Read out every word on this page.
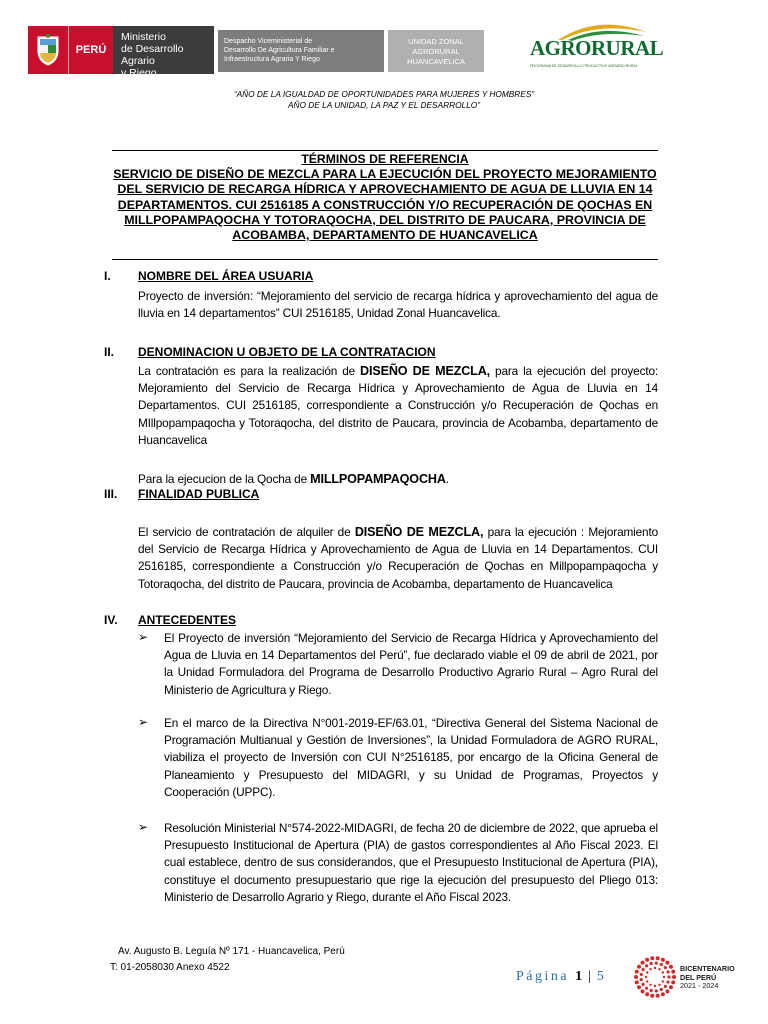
PERÚ
Ministerio
de Desarrollo Agrario
y Riego
Despacho Viceministerial de
Desarrollo De Agricultura Familiar e
Infraestructura Agraria Y Riego
UNIDAD ZONAL
AGRORURAL
HUANCAVELICA
AGRORURAL
PROGRAMA DE DESARROLLO PRODUCTIVO AGRARIO RURAL
“AÑO DE LA IGUALDAD DE OPORTUNIDADES PARA MUJERES Y HOMBRES”
AÑO DE LA UNIDAD, LA PAZ Y EL DESARROLLO”
TÉRMINOS DE REFERENCIA
SERVICIO DE DISEÑO DE MEZCLA PARA LA EJECUCIÓN DEL PROYECTO MEJORAMIENTO
DEL SERVICIO DE RECARGA HÍDRICA Y APROVECHAMIENTO DE AGUA DE LLUVIA EN 14
DEPARTAMENTOS. CUI 2516185 A CONSTRUCCIÓN Y/O RECUPERACIÓN DE QOCHAS EN
MILLPOPAMPAQOCHA Y TOTORAQOCHA, DEL DISTRITO DE PAUCARA, PROVINCIA DE
ACOBAMBA, DEPARTAMENTO DE HUANCAVELICA
I. NOMBRE DEL ÁREA USUARIA
Proyecto de inversión: “Mejoramiento del servicio de recarga hídrica y aprovechamiento del agua de lluvia en 14 departamentos” CUI 2516185, Unidad Zonal Huancavelica.
II. DENOMINACION U OBJETO DE LA CONTRATACION
La contratación es para la realización de DISEÑO DE MEZCLA, para la ejecución del proyecto: Mejoramiento del Servicio de Recarga Hídrica y Aprovechamiento de Agua de Lluvia en 14 Departamentos. CUI 2516185, correspondiente a Construcción y/o Recuperación de Qochas en MIllpopampaqocha y Totoraqocha, del distrito de Paucara, provincia de Acobamba, departamento de Huancavelica
Para la ejecucion de la Qocha de MILLPOPAMPAQOCHA.
III. FINALIDAD PUBLICA
El servicio de contratación de alquiler de DISEÑO DE MEZCLA, para la ejecución : Mejoramiento del Servicio de Recarga Hídrica y Aprovechamiento de Agua de Lluvia en 14 Departamentos. CUI 2516185, correspondiente a Construcción y/o Recuperación de Qochas en Millpopampaqocha y Totoraqocha, del distrito de Paucara, provincia de Acobamba, departamento de Huancavelica
IV. ANTECEDENTES
➢ El Proyecto de inversión “Mejoramiento del Servicio de Recarga Hídrica y Aprovechamiento del Agua de Lluvia en 14 Departamentos del Perú”, fue declarado viable el 09 de abril de 2021, por la Unidad Formuladora del Programa de Desarrollo Productivo Agrario Rural – Agro Rural del Ministerio de Agricultura y Riego.
➢ En el marco de la Directiva N°001-2019-EF/63.01, “Directiva General del Sistema Nacional de Programación Multianual y Gestión de Inversiones”, la Unidad Formuladora de AGRO RURAL, viabiliza el proyecto de Inversión con CUI N°2516185, por encargo de la Oficina General de Planeamiento y Presupuesto del MIDAGRI, y su Unidad de Programas, Proyectos y Cooperación (UPPC).
➢ Resolución Ministerial N°574-2022-MIDAGRI, de fecha 20 de diciembre de 2022, que aprueba el Presupuesto Institucional de Apertura (PIA) de gastos correspondientes al Año Fiscal 2023. El cual establece, dentro de sus considerandos, que el Presupuesto Institucional de Apertura (PIA), constituye el documento presupuestario que rige la ejecución del presupuesto del Pliego 013: Ministerio de Desarrollo Agrario y Riego, durante el Año Fiscal 2023.
Av. Augusto B. Leguía Nº 171 - Huancavelica, Perú
T: 01-2058030 Anexo 4522
Página 1 | 5
BICENTENARIO
DEL PERÚ
2021 - 2024
